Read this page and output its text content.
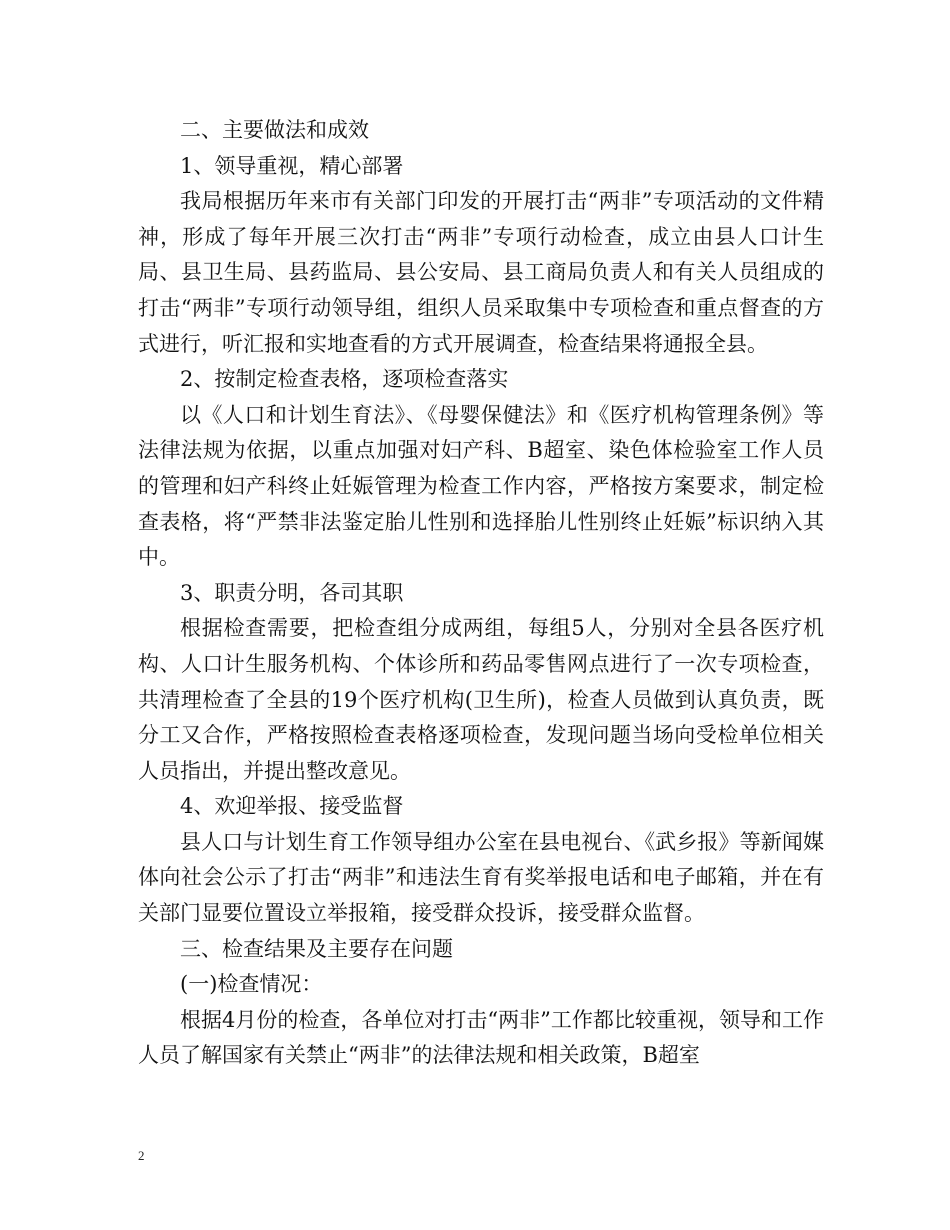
二、主要做法和成效

1、领导重视，精心部署

我局根据历年来市有关部门印发的开展打击“两非”专项活动的文件精神，形成了每年开展三次打击“两非”专项行动检查，成立由县人口计生局、县卫生局、县药监局、县公安局、县工商局负责人和有关人员组成的打击“两非”专项行动领导组，组织人员采取集中专项检查和重点督查的方式进行，听汇报和实地查看的方式开展调查，检查结果将通报全县。

2、按制定检查表格，逐项检查落实

以《人口和计划生育法》、《母婴保健法》和《医疗机构管理条例》等法律法规为依据，以重点加强对妇产科、B超室、染色体检验室工作人员的管理和妇产科终止妊娠管理为检查工作内容，严格按方案要求，制定检查表格，将“严禁非法鉴定胎儿性别和选择胎儿性别终止妊娠”标识纳入其中。

3、职责分明，各司其职

根据检查需要，把检查组分成两组，每组5人，分别对全县各医疗机构、人口计生服务机构、个体诊所和药品零售网点进行了一次专项检查，共清理检查了全县的19个医疗机构(卫生所)，检查人员做到认真负责，既分工又合作，严格按照检查表格逐项检查，发现问题当场向受检单位相关人员指出，并提出整改意见。

4、欢迎举报、接受监督

县人口与计划生育工作领导组办公室在县电视台、《武乡报》等新闻媒体向社会公示了打击“两非”和违法生育有奖举报电话和电子邮箱，并在有关部门显要位置设立举报箱，接受群众投诉，接受群众监督。

三、检查结果及主要存在问题

(一)检查情况：

根据4月份的检查，各单位对打击“两非”工作都比较重视，领导和工作人员了解国家有关禁止“两非”的法律法规和相关政策，B超室

2
